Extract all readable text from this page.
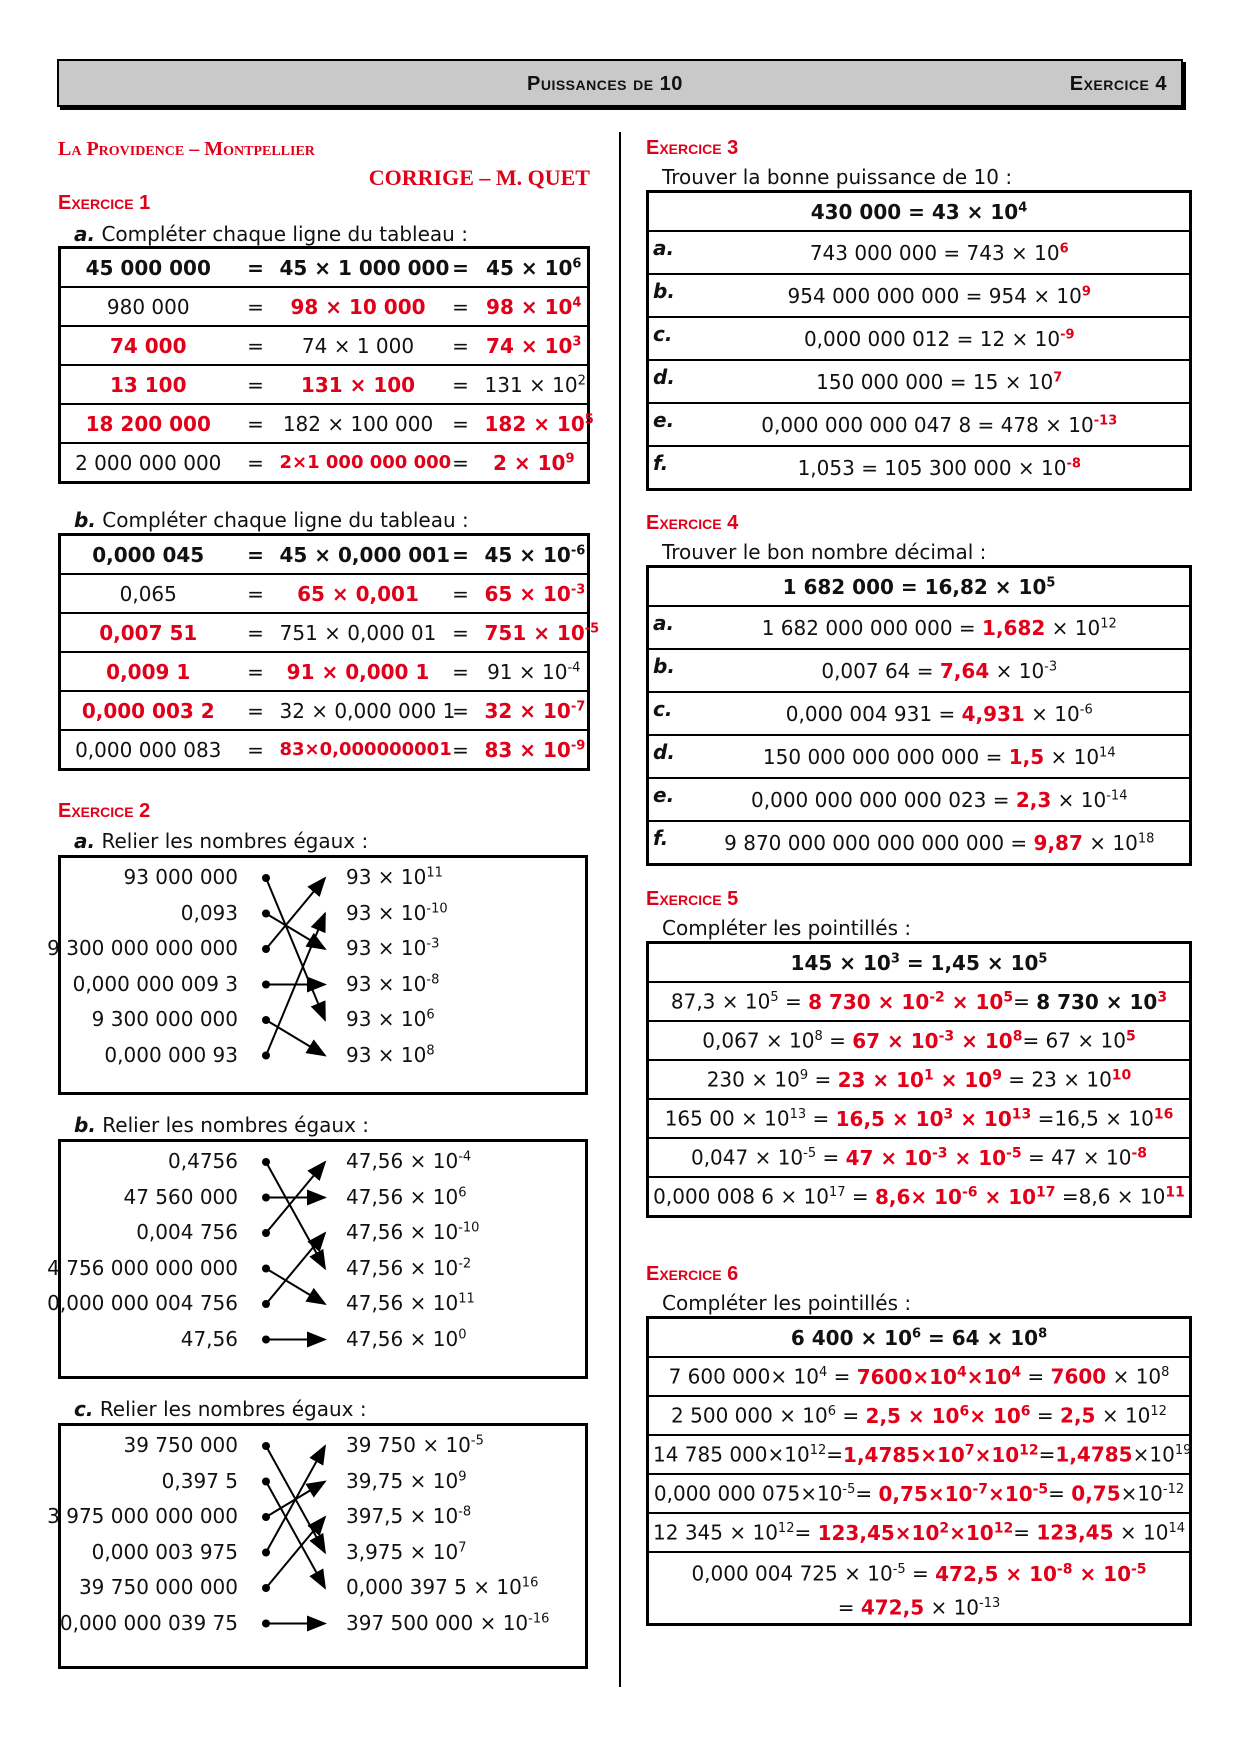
Puissances de 10	Exercice 4
La Providence – Montpellier
CORRIGE – M. QUET
Exercice 1
a. Compléter chaque ligne du tableau :
45 000 000	=	45 × 1 000 000	=	$45 \times 10^6$
980 000	=	98 × 10 000	=	$98 \times 10^4$
74 000	=	74 × 1 000	=	$74 \times 10^3$
13 100	=	131 × 100	=	$131 \times 10^2$
18 200 000	=	182 × 100 000	=	$182 \times 10^5$
2 000 000 000	=	2×1 000 000 000	=	$2 \times 10^9$
b. Compléter chaque ligne du tableau :
0,000 045	=	45 × 0,000 001	=	$45 \times 10^{-6}$
0,065	=	65 × 0,001	=	$65 \times 10^{-3}$
0,007 51	=	751 × 0,000 01	=	$751 \times 10^{-5}$
0,009 1	=	91 × 0,000 1	=	$91 \times 10^{-4}$
0,000 003 2	=	32 × 0,000 000 1	=	$32 \times 10^{-7}$
0,000 000 083	=	83×0,000000001	=	$83 \times 10^{-9}$
Exercice 2
a. Relier les nombres égaux :
93 000 000	$93 \times 10^{11}$
0,093	$93 \times 10^{-10}$
9 300 000 000 000	$93 \times 10^{-3}$
0,000 000 009 3	$93 \times 10^{-8}$
9 300 000 000	$93 \times 10^6$
0,000 000 93	$93 \times 10^8$
b. Relier les nombres égaux :
0,4756	$47,56 \times 10^{-4}$
47 560 000	$47,56 \times 10^6$
0,004 756	$47,56 \times 10^{-10}$
4 756 000 000 000	$47,56 \times 10^{-2}$
0,000 000 004 756	$47,56 \times 10^{11}$
47,56	$47,56 \times 10^0$
c. Relier les nombres égaux :
39 750 000	39 $750 \times 10^{-5}$
0,397 5	$39,75 \times 10^9$
3 975 000 000 000	$397,5 \times 10^{-8}$
0,000 003 975	$3,975 \times 10^7$
39 750 000 000	0,000 397 $5 \times 10^{16}$
0,000 000 039 75	397 500 $000 \times 10^{-16}$
Exercice 3
Trouver la bonne puissance de 10 :
430 $000 = 43 \times 10^4$
a.	743 000 $000 = 743 \times 10^6$
b.	954 000 000 $000 = 954 \times 10^9$
c.	0,000 000 $012 = 12 \times 10^{-9}$
d.	150 000 $000 = 15 \times 10^7$
e.	0,000 000 000 047 $8 = 478 \times 10^{-13}$
f.	1,053 = 105 300 $000 \times 10^{-8}$
Exercice 4
Trouver le bon nombre décimal :
1 682 $000 = 16,82 \times 10^5$
a.	1 682 000 000 $000 = 1,682 \times 10^{12}$
b.	0,007 $64 = 7,64 \times 10^{-3}$
c.	0,000 004 $931 = 4,931 \times 10^{-6}$
d.	150 000 000 000 $000 = 1,5 \times 10^{14}$
e.	0,000 000 000 000 $023 = 2,3 \times 10^{-14}$
f.	9 870 000 000 000 000 $000 = 9,87 \times 10^{18}$
Exercice 5
Compléter les pointillés :
$145 \times 10^3 = 1,45 \times 10^5$
$87,3 \times 10^5 = 8$ $730 \times 10^{-2} \times 10^5= 8$ $730 \times 10^3$
$0,067 \times 10^8 = 67 \times 10^{-3} \times 10^8= 67 \times 10^5$
$230 \times 10^9 = 23 \times 10^1 \times 10^9 = 23 \times 10^{10}$
165 $00 \times 10^{13} = 16,5 \times 10^3 \times 10^{13} =16,5 \times 10^{16}$
$0,047 \times 10^{-5} = 47 \times 10^{-3} \times 10^{-5} = 47 \times 10^{-8}$
0,000 008 $6 \times 10^{17} = 8,6\times 10^{-6} \times 10^{17} =8,6 \times 10^{11}$
Exercice 6
Compléter les pointillés :
6 $400 \times 10^6 = 64 \times 10^8$
7 600 $000\times 10^4 = 7600\times 10^4\times 10^4 = 7600 \times 10^8$
2 500 $000 \times 10^6 = 2,5 \times 10^6\times 10^6 = 2,5 \times 10^{12}$
14 785 $000\times 10^{12}=1,4785\times 10^7\times 10^{12}=1,4785\times 10^{19}$
0,000 000 $075\times 10^{-5}= 0,75\times 10^{-7}\times 10^{-5}= 0,75\times 10^{-12}$
12 $345 \times 10^{12}= 123,45\times 10^2\times 10^{12}= 123,45 \times 10^{14}$
0,000 004 $725 \times 10^{-5} = 472,5 \times 10^{-8} \times 10^{-5}$
= $472,5 \times 10^{-13}$
